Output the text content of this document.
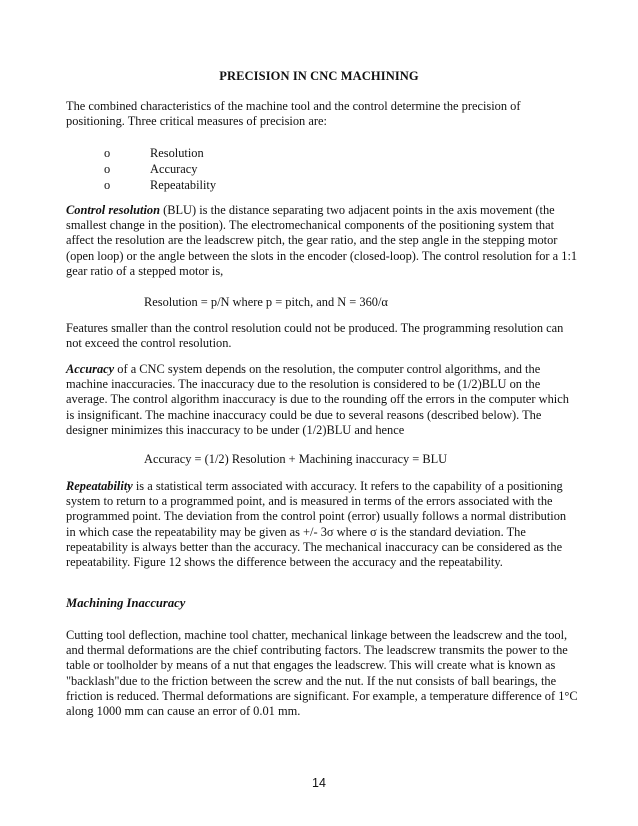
PRECISION IN CNC MACHINING

The combined characteristics of the machine tool and the control determine the precision of positioning. Three critical measures of precision are:

o	Resolution
o	Accuracy
o	Repeatability

Control resolution (BLU) is the distance separating two adjacent points in the axis movement (the smallest change in the position). The electromechanical components of the positioning system that affect the resolution are the leadscrew pitch, the gear ratio, and the step angle in the stepping motor (open loop) or the angle between the slots in the encoder (closed-loop). The control resolution for a 1:1 gear ratio of a stepped motor is,

Resolution = p/N where p = pitch, and N = 360/α

Features smaller than the control resolution could not be produced. The programming resolution can not exceed the control resolution.

Accuracy of a CNC system depends on the resolution, the computer control algorithms, and the machine inaccuracies. The inaccuracy due to the resolution is considered to be (1/2)BLU on the average. The control algorithm inaccuracy is due to the rounding off the errors in the computer which is insignificant. The machine inaccuracy could be due to several reasons (described below). The designer minimizes this inaccuracy to be under (1/2)BLU and hence

Accuracy = (1/2) Resolution + Machining inaccuracy = BLU

Repeatability is a statistical term associated with accuracy. It refers to the capability of a positioning system to return to a programmed point, and is measured in terms of the errors associated with the programmed point. The deviation from the control point (error) usually follows a normal distribution in which case the repeatability may be given as +/- 3σ where σ is the standard deviation. The repeatability is always better than the accuracy. The mechanical inaccuracy can be considered as the repeatability. Figure 12 shows the difference between the accuracy and the repeatability.

Machining Inaccuracy

Cutting tool deflection, machine tool chatter, mechanical linkage between the leadscrew and the tool, and thermal deformations are the chief contributing factors. The leadscrew transmits the power to the table or toolholder by means of a nut that engages the leadscrew. This will create what is known as "backlash"due to the friction between the screw and the nut. If the nut consists of ball bearings, the friction is reduced. Thermal deformations are significant. For example, a temperature difference of 1°C along 1000 mm can cause an error of 0.01 mm.

14
